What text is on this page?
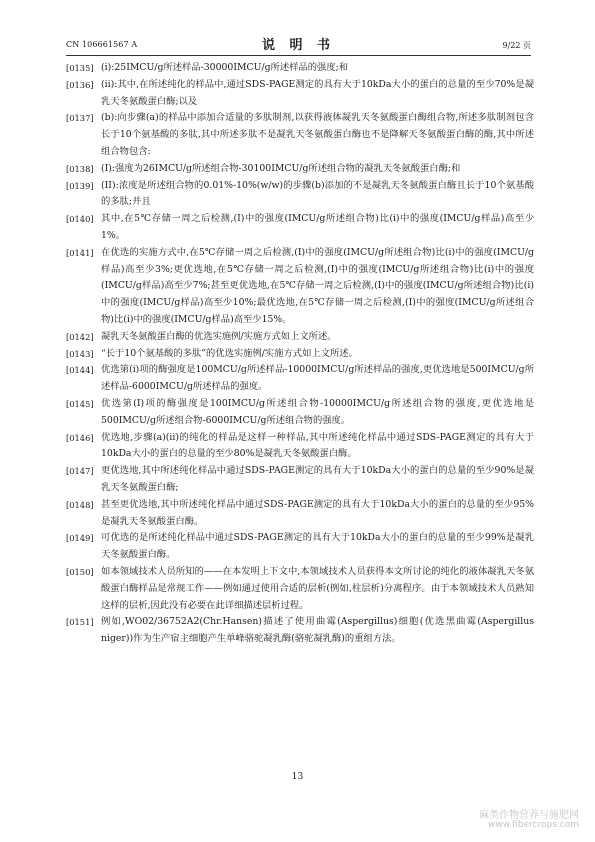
CN 106661567 A	说 明 书	9/22 页
[0135] (i):25IMCU/g所述样品-30000IMCU/g所述样品的强度;和
[0136] (ii):其中,在所述纯化的样品中,通过SDS-PAGE测定的具有大于10kDa大小的蛋白的总量的至少70%是凝乳天冬氨酸蛋白酶;以及
[0137] (b):向步骤(a)的样品中添加合适量的多肽制剂,以获得液体凝乳天冬氨酸蛋白酶组合物,所述多肽制剂包含长于10个氨基酸的多肽,其中所述多肽不是凝乳天冬氨酸蛋白酶也不是降解天冬氨酸蛋白酶的酶,其中所述组合物包含:
[0138] (I):强度为26IMCU/g所述组合物-30100IMCU/g所述组合物的凝乳天冬氨酸蛋白酶;和
[0139] (II):浓度是所述组合物的0.01%-10%(w/w)的步骤(b)添加的不是凝乳天冬氨酸蛋白酶且长于10个氨基酸的多肽;并且
[0140] 其中,在5℃存储一周之后检测,(I)中的强度(IMCU/g所述组合物)比(i)中的强度(IMCU/g样品)高至少1%。
[0141] 在优选的实施方式中,在5℃存储一周之后检测,(I)中的强度(IMCU/g所述组合物)比(i)中的强度(IMCU/g样品)高至少3%;更优选地,在5℃存储一周之后检测,(I)中的强度(IMCU/g所述组合物)比(i)中的强度(IMCU/g样品)高至少7%;甚至更优选地,在5℃存储一周之后检测,(I)中的强度(IMCU/g所述组合物)比(i)中的强度(IMCU/g样品)高至少10%;最优选地,在5℃存储一周之后检测,(I)中的强度(IMCU/g所述组合物)比(i)中的强度(IMCU/g样品)高至少15%。
[0142] 凝乳天冬氨酸蛋白酶的优选实施例/实施方式如上文所述。
[0143] “长于10个氨基酸的多肽”的优选实施例/实施方式如上文所述。
[0144] 优选第(i)项的酶强度是100MCU/g所述样品-10000IMCU/g所述样品的强度,更优选地是500IMCU/g所述样品-6000IMCU/g所述样品的强度。
[0145] 优选第(I)项的酶强度是100IMCU/g所述组合物-10000IMCU/g所述组合物的强度,更优选地是500IMCU/g所述组合物-6000IMCU/g所述组合物的强度。
[0146] 优选地,步骤(a)(ii)的纯化的样品是这样一种样品,其中所述纯化样品中通过SDS-PAGE测定的具有大于10kDa大小的蛋白的总量的至少80%是凝乳天冬氨酸蛋白酶。
[0147] 更优选地,其中所述纯化样品中通过SDS-PAGE测定的具有大于10kDa大小的蛋白的总量的至少90%是凝乳天冬氨酸蛋白酶;
[0148] 甚至更优选地,其中所述纯化样品中通过SDS-PAGE测定的具有大于10kDa大小的蛋白的总量的至少95%是凝乳天冬氨酸蛋白酶。
[0149] 可优选的是所述纯化样品中通过SDS-PAGE测定的具有大于10kDa大小的蛋白的总量的至少99%是凝乳天冬氨酸蛋白酶。
[0150] 如本领域技术人员所知的——在本发明上下文中,本领域技术人员获得本文所讨论的纯化的液体凝乳天冬氨酸蛋白酶样品是常规工作——例如通过使用合适的层析(例如,柱层析)分离程序。由于本领域技术人员熟知这样的层析,因此没有必要在此详细描述层析过程。
[0151] 例如,WO02/36752A2(Chr.Hansen)描述了使用曲霉(Aspergillus)细胞(优选黑曲霉(Aspergillus niger))作为生产宿主细胞产生单峰骆驼凝乳酶(骆驼凝乳酶)的重组方法。
13
麻类作物营养与施肥网
www.fibercrops.com
